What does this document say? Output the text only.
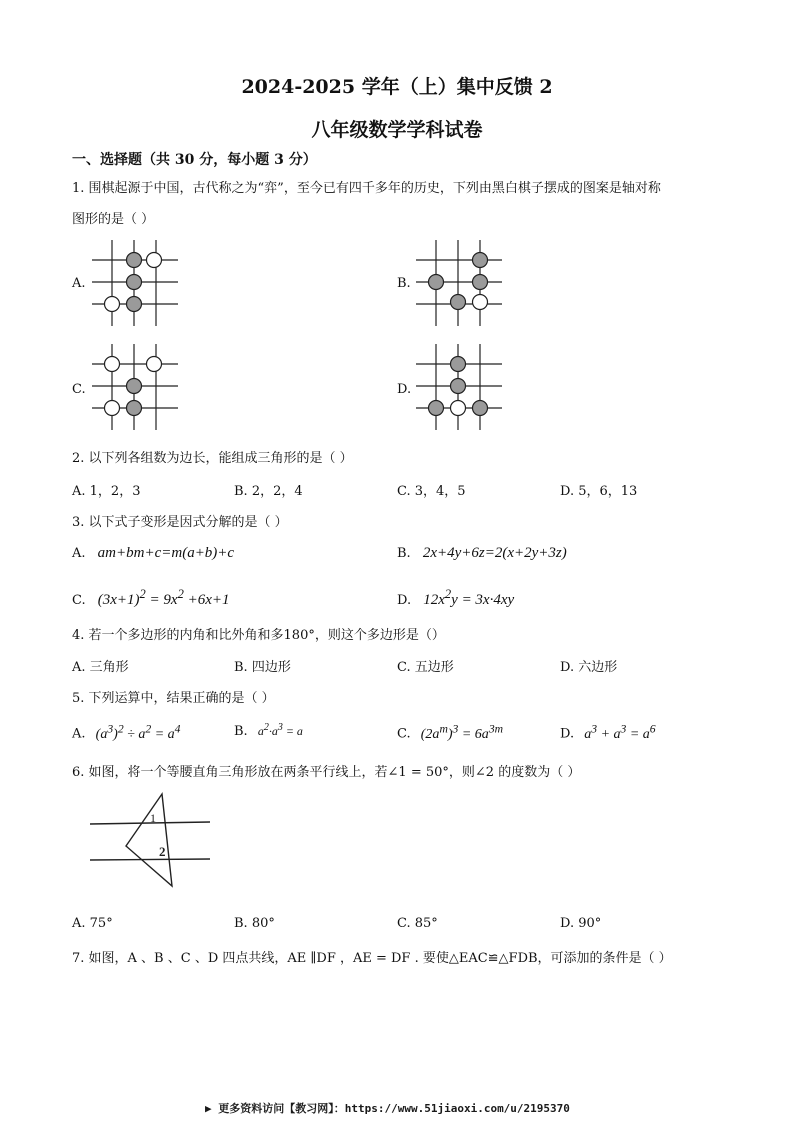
2024-2025 学年（上）集中反馈 2
八年级数学学科试卷
一、选择题（共 30 分，每小题 3 分）
1. 围棋起源于中国，古代称之为“弈”，至今已有四千多年的历史，下列由黑白棋子摆成的图案是轴对称
图形的是（ ）
A.	B.
C.	D.
2. 以下列各组数为边长，能组成三角形的是（ ）
A. 1，2，3	B. 2，2，4	C. 3，4，5	D. 5，6，13
3. 以下式子变形是因式分解的是（ ）
A. am+bm+c=m(a+b)+c	B. 2x+4y+6z=2(x+2y+3z)
C. $(3x+1)^2 = 9x^2 +6x+1$	D. $12x^2y = 3x\cdot 4xy$
4. 若一个多边形的内角和比外角和多180°，则这个多边形是（）
A. 三角形	B. 四边形	C. 五边形	D. 六边形
5. 下列运算中，结果正确的是（ ）
A. $(a^3)^2 \div a^2 = a^4$	B. $a^2\cdot a^3 = a$	C. $(2a^m)^3 = 6a^{3m}$	D. $a^3 + a^3 = a^6$
6. 如图，将一个等腰直角三角形放在两条平行线上，若∠1 = 50°，则∠2 的度数为（ ）
1
2
A. 75°	B. 80°	C. 85°	D. 90°
7. 如图，A 、B 、C 、D 四点共线，AE ∥DF ，AE = DF . 要使△EAC≌△FDB，可添加的条件是（ ）
▶ 更多资料访问【教习网】：https://www.51jiaoxi.com/u/2195370
